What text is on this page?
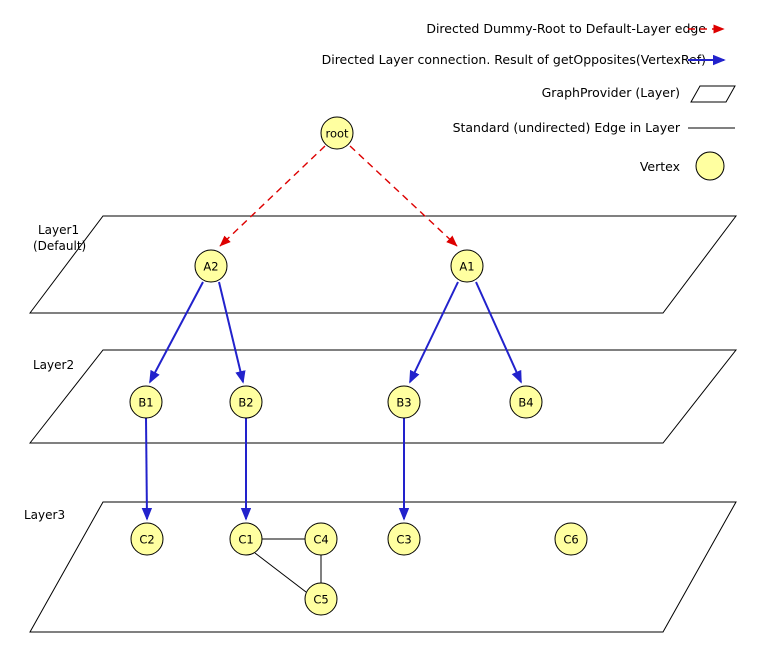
Directed Dummy-Root to Default-Layer edge
Directed Layer connection. Result of getOpposites(VertexRef)
GraphProvider (Layer)
Standard (undirected) Edge in Layer
Vertex
Layer1
(Default)
Layer2
Layer3
root
A2	A1
B1	B2	B3	B4
C2	C1	C4	C3	C6
C5
